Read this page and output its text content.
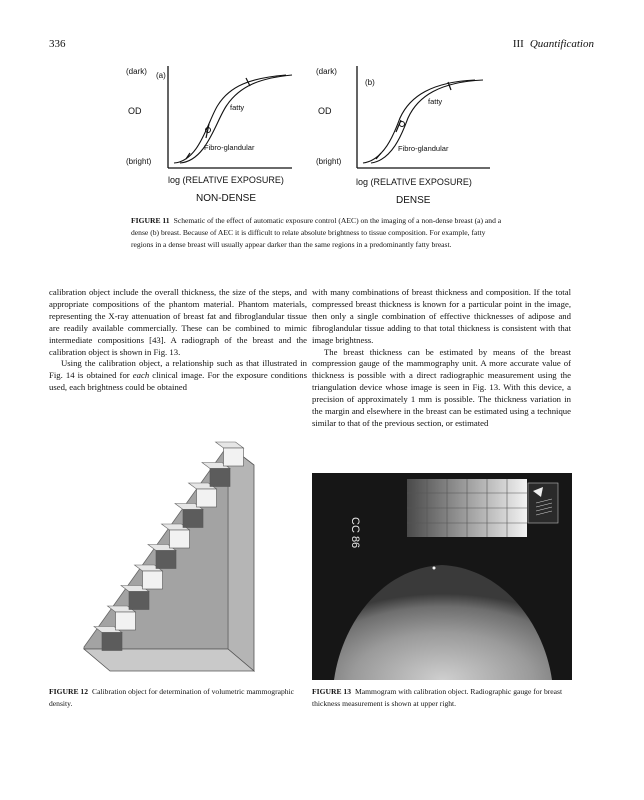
336	III Quantification
(dark) (a)
OD	fatty
Fibro-glandular
(bright)
log (RELATIVE EXPOSURE)
NON-DENSE
(dark)
(b)
OD
fatty
Fibro-glandular
(bright)
log (RELATIVE EXPOSURE)
DENSE
FIGURE 11 Schematic of the effect of automatic exposure control (AEC) on the imaging of a non-dense breast (a) and a dense (b) breast. Because of AEC it is difficult to relate absolute brightness to tissue composition. For example, fatty regions in a dense breast will usually appear darker than the same regions in a predominantly fatty breast.

calibration object include the overall thickness, the size of the steps, and appropriate compositions of the phantom material. Phantom materials, representing the X-ray attenuation of breast fat and fibroglandular tissue are readily available commercially. These can be combined to mimic intermediate compositions [43]. A radiograph of the breast and the calibration object is shown in Fig. 13.

Using the calibration object, a relationship such as that illustrated in Fig. 14 is obtained for each clinical image. For the exposure conditions used, each brightness could be obtained

with many combinations of breast thickness and composition. If the total compressed breast thickness is known for a particular point in the image, then only a single combination of effective thicknesses of adipose and fibroglandular tissue adding to that total thickness is consistent with that image brightness.

The breast thickness can be estimated by means of the breast compression gauge of the mammography unit. A more accurate value of thickness is possible with a direct radiographic measurement using the triangulation device whose image is seen in Fig. 13. With this device, a precision of approximately 1 mm is possible. The thickness variation in the margin and elsewhere in the breast can be estimated using a technique similar to that of the previous section, or estimated

CC 86
FIGURE 12 Calibration object for determination of volumetric mammographic density.
FIGURE 13 Mammogram with calibration object. Radiographic gauge for breast thickness measurement is shown at upper right.
